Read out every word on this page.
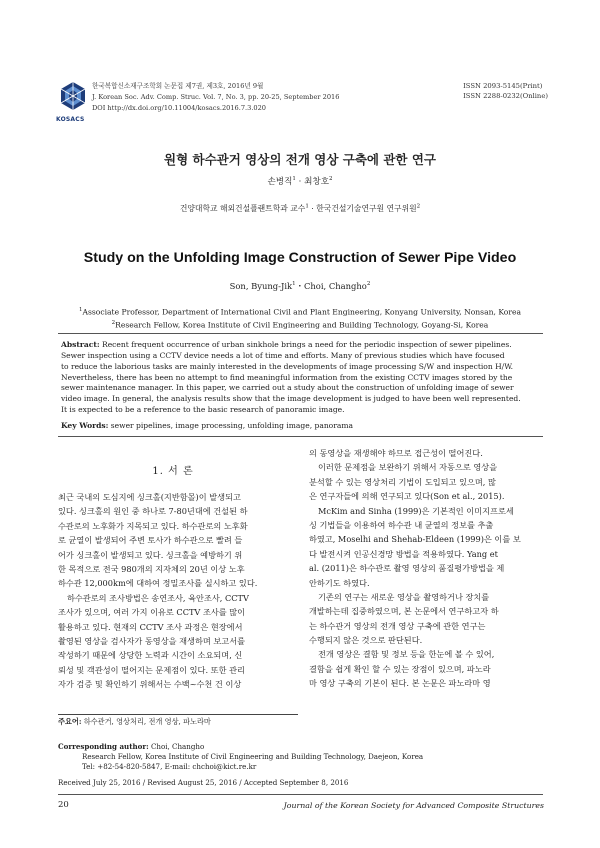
KOSACS
한국복합신소재구조학회 논문집 제7권, 제3호, 2016년 9월
J. Korean Soc. Adv. Comp. Struc. Vol. 7, No. 3, pp. 20-25, September 2016
DOI http://dx.doi.org/10.11004/kosacs.2016.7.3.020
ISSN 2093-5145(Print)
ISSN 2288-0232(Online)
원형 하수관거 영상의 전개 영상 구축에 관한 연구
손병직$^1$ · 최창호$^2$
건양대학교 해외건설플랜트학과 교수$^1$ · 한국건설기술연구원 연구위원$^2$
Study on the Unfolding Image Construction of Sewer Pipe Video
Son, Byung-Jik$^1$・Choi, Changho$^2$
$^1$Associate Professor, Department of International Civil and Plant Engineering, Konyang University, Nonsan, Korea
$^2$Research Fellow, Korea Institute of Civil Engineering and Building Technology, Goyang-Si, Korea
Abstract: Recent frequent occurrence of urban sinkhole brings a need for the periodic inspection of sewer pipelines.
Sewer inspection using a CCTV device needs a lot of time and efforts. Many of previous studies which have focused
to reduce the laborious tasks are mainly interested in the developments of image processing S/W and inspection H/W.
Nevertheless, there has been no attempt to find meaningful information from the existing CCTV images stored by the
sewer maintenance manager. In this paper, we carried out a study about the construction of unfolding image of sewer
video image. In general, the analysis results show that the image development is judged to have been well represented.
It is expected to be a reference to the basic research of panoramic image.
Key Words: sewer pipelines, image processing, unfolding image, panorama
1. 서 론
최근 국내의 도심지에 싱크홀(지반함몰)이 발생되고
있다. 싱크홀의 원인 중 하나로 7-80년대에 건설된 하
수관로의 노후화가 지목되고 있다. 하수관로의 노후화
로 균열이 발생되어 주변 토사가 하수관으로 빨려 들
어가 싱크홀이 발생되고 있다. 싱크홀을 예방하기 위
한 목적으로 전국 980개의 지자체의 20년 이상 노후
하수관 12,000km에 대하여 정밀조사를 실시하고 있다.
하수관로의 조사방법은 송연조사, 육안조사, CCTV
조사가 있으며, 여러 가지 이유로 CCTV 조사를 많이
활용하고 있다. 현재의 CCTV 조사 과정은 현장에서
촬영된 영상을 검사자가 동영상을 재생하며 보고서를
작성하기 때문에 상당한 노력과 시간이 소요되며, 신
뢰성 및 객관성이 떨어지는 문제점이 있다. 또한 관리
자가 검증 및 확인하기 위해서는 수백~수천 건 이상
의 동영상을 재생해야 하므로 접근성이 떨어진다.
이러한 문제점을 보완하기 위해서 자동으로 영상을
분석할 수 있는 영상처리 기법이 도입되고 있으며, 많
은 연구자들에 의해 연구되고 있다(Son et al., 2015).
McKim and Sinha (1999)은 기본적인 이미지프로세
싱 기법들을 이용하여 하수관 내 균열의 정보를 추출
하였고, Moselhi and Shehab-Eldeen (1999)은 이를 보
다 발전시켜 인공신경망 방법을 적용하였다. Yang et
al. (2011)은 하수관로 촬영 영상의 품질평가방법을 제
안하기도 하였다.
기존의 연구는 새로운 영상을 촬영하거나 장치를
개발하는데 집중하였으며, 본 논문에서 연구하고자 하
는 하수관거 영상의 전개 영상 구축에 관한 연구는
수행되지 않은 것으로 판단된다.
전개 영상은 결함 및 정보 등을 한눈에 볼 수 있어,
결함을 쉽게 확인 할 수 있는 장점이 있으며, 파노라
마 영상 구축의 기본이 된다. 본 논문은 파노라마 영
주요어: 하수관거, 영상처리, 전개 영상, 파노라마
Corresponding author: Choi, Changho
Research Fellow, Korea Institute of Civil Engineering and Building Technology, Daejeon, Korea
Tel: +82-54-820-5847, E-mail: chchoi@kict.re.kr
Received July 25, 2016 / Revised August 25, 2016 / Accepted September 8, 2016
20	Journal of the Korean Society for Advanced Composite Structures
